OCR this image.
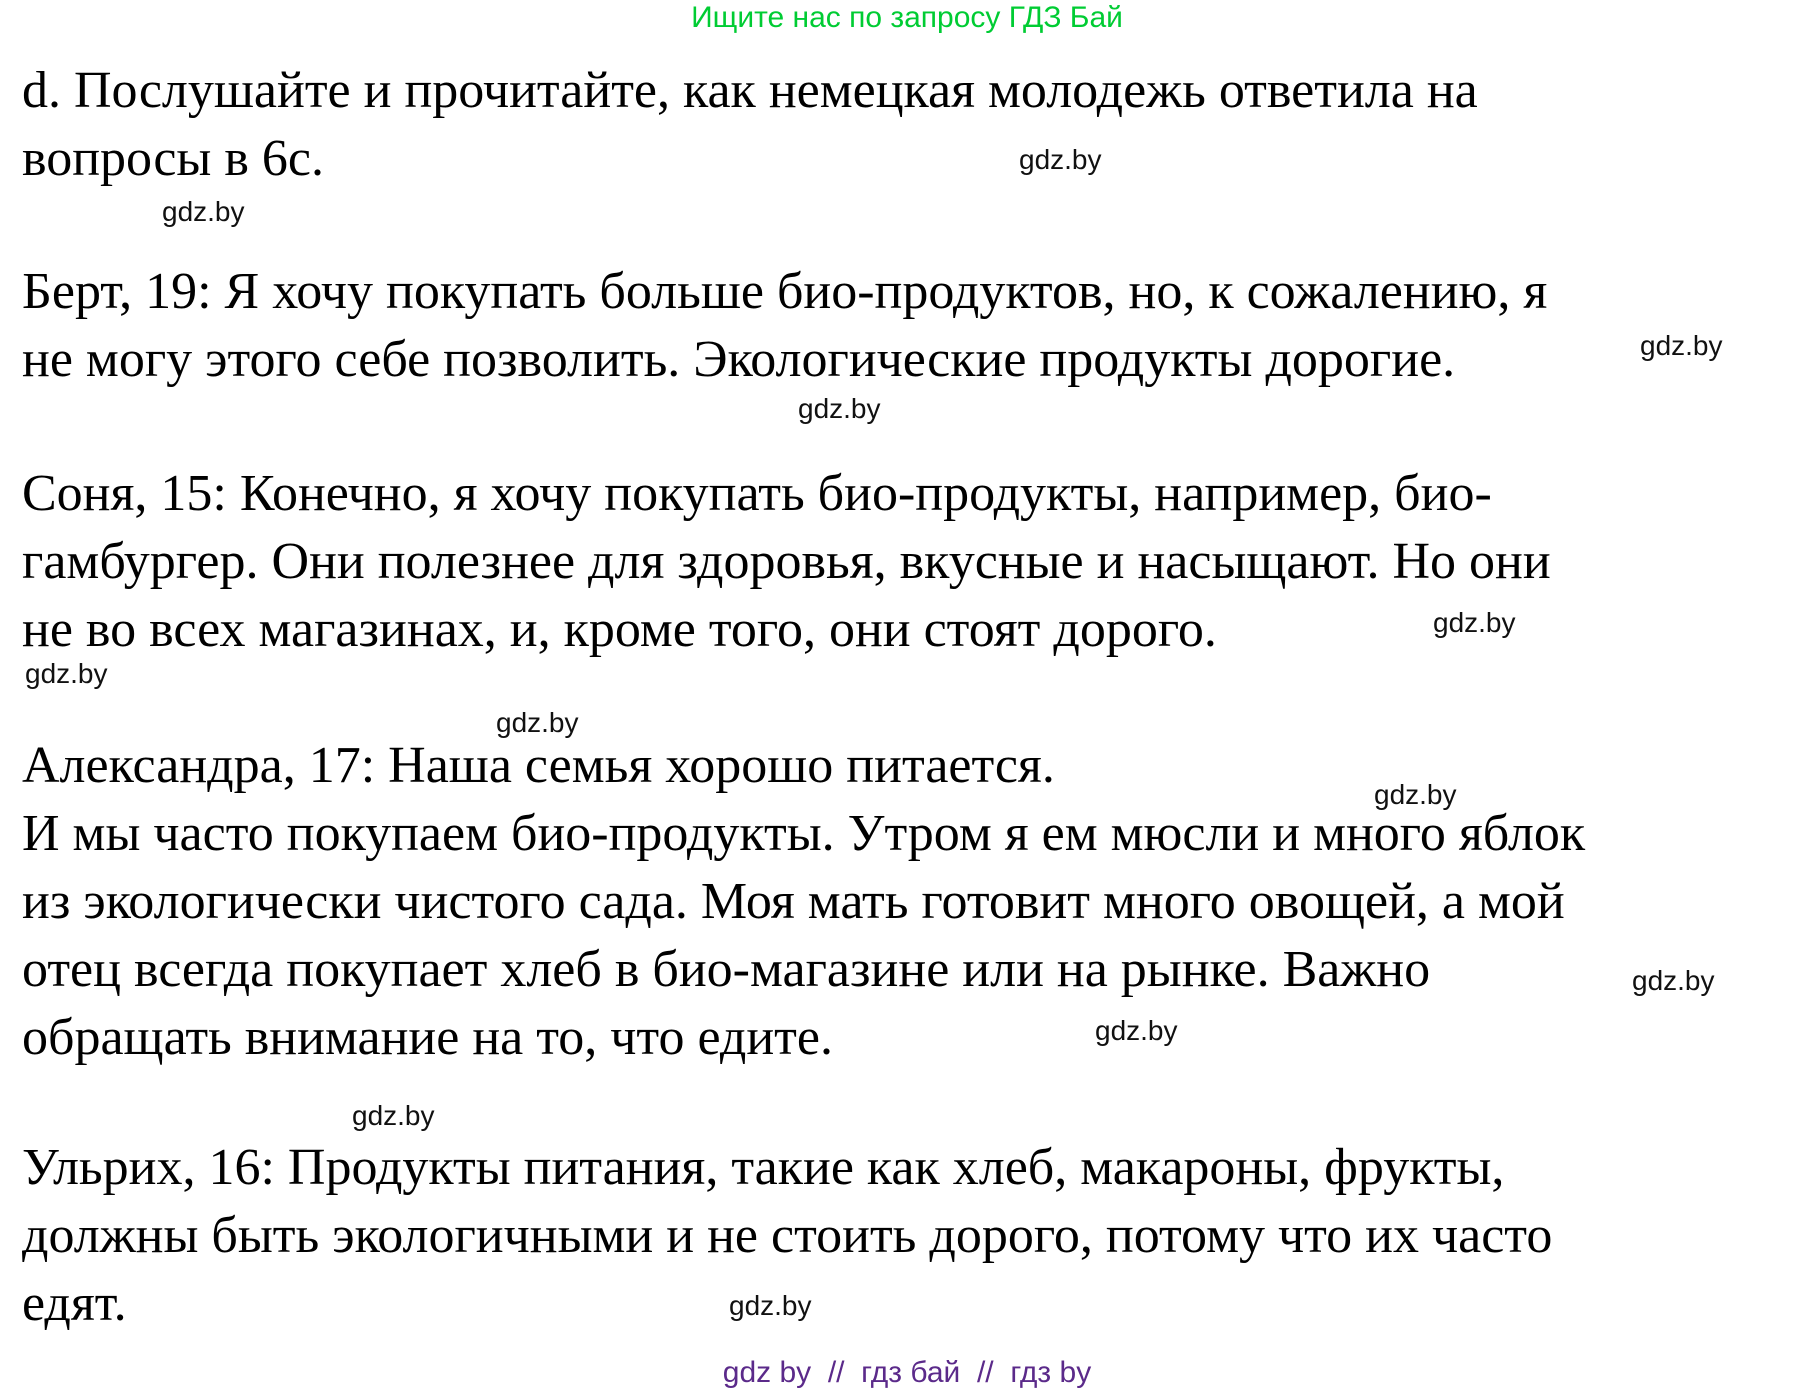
Ищите нас по запросу ГДЗ Бай

d. Послушайте и прочитайте, как немецкая молодежь ответила на
вопросы в 6c.

Берт, 19: Я хочу покупать больше био-продуктов, но, к сожалению, я
не могу этого себе позволить. Экологические продукты дорогие.

Соня, 15: Конечно, я хочу покупать био-продукты, например, био-
гамбургер. Они полезнее для здоровья, вкусные и насыщают. Но они
не во всех магазинах, и, кроме того, они стоят дорого.

Александра, 17: Наша семья хорошо питается.
И мы часто покупаем био-продукты. Утром я ем мюсли и много яблок
из экологически чистого сада. Моя мать готовит много овощей, а мой
отец всегда покупает хлеб в био-магазине или на рынке. Важно
обращать внимание на то, что едите.

Ульрих, 16: Продукты питания, такие как хлеб, макароны, фрукты,
должны быть экологичными и не стоить дорого, потому что их часто
едят.

gdz.by
gdz.by
gdz.by
gdz.by
gdz.by
gdz.by
gdz.by
gdz.by
gdz.by
gdz.by
gdz.by
gdz.by
gdz by  //  гдз бай  //  гдз by
